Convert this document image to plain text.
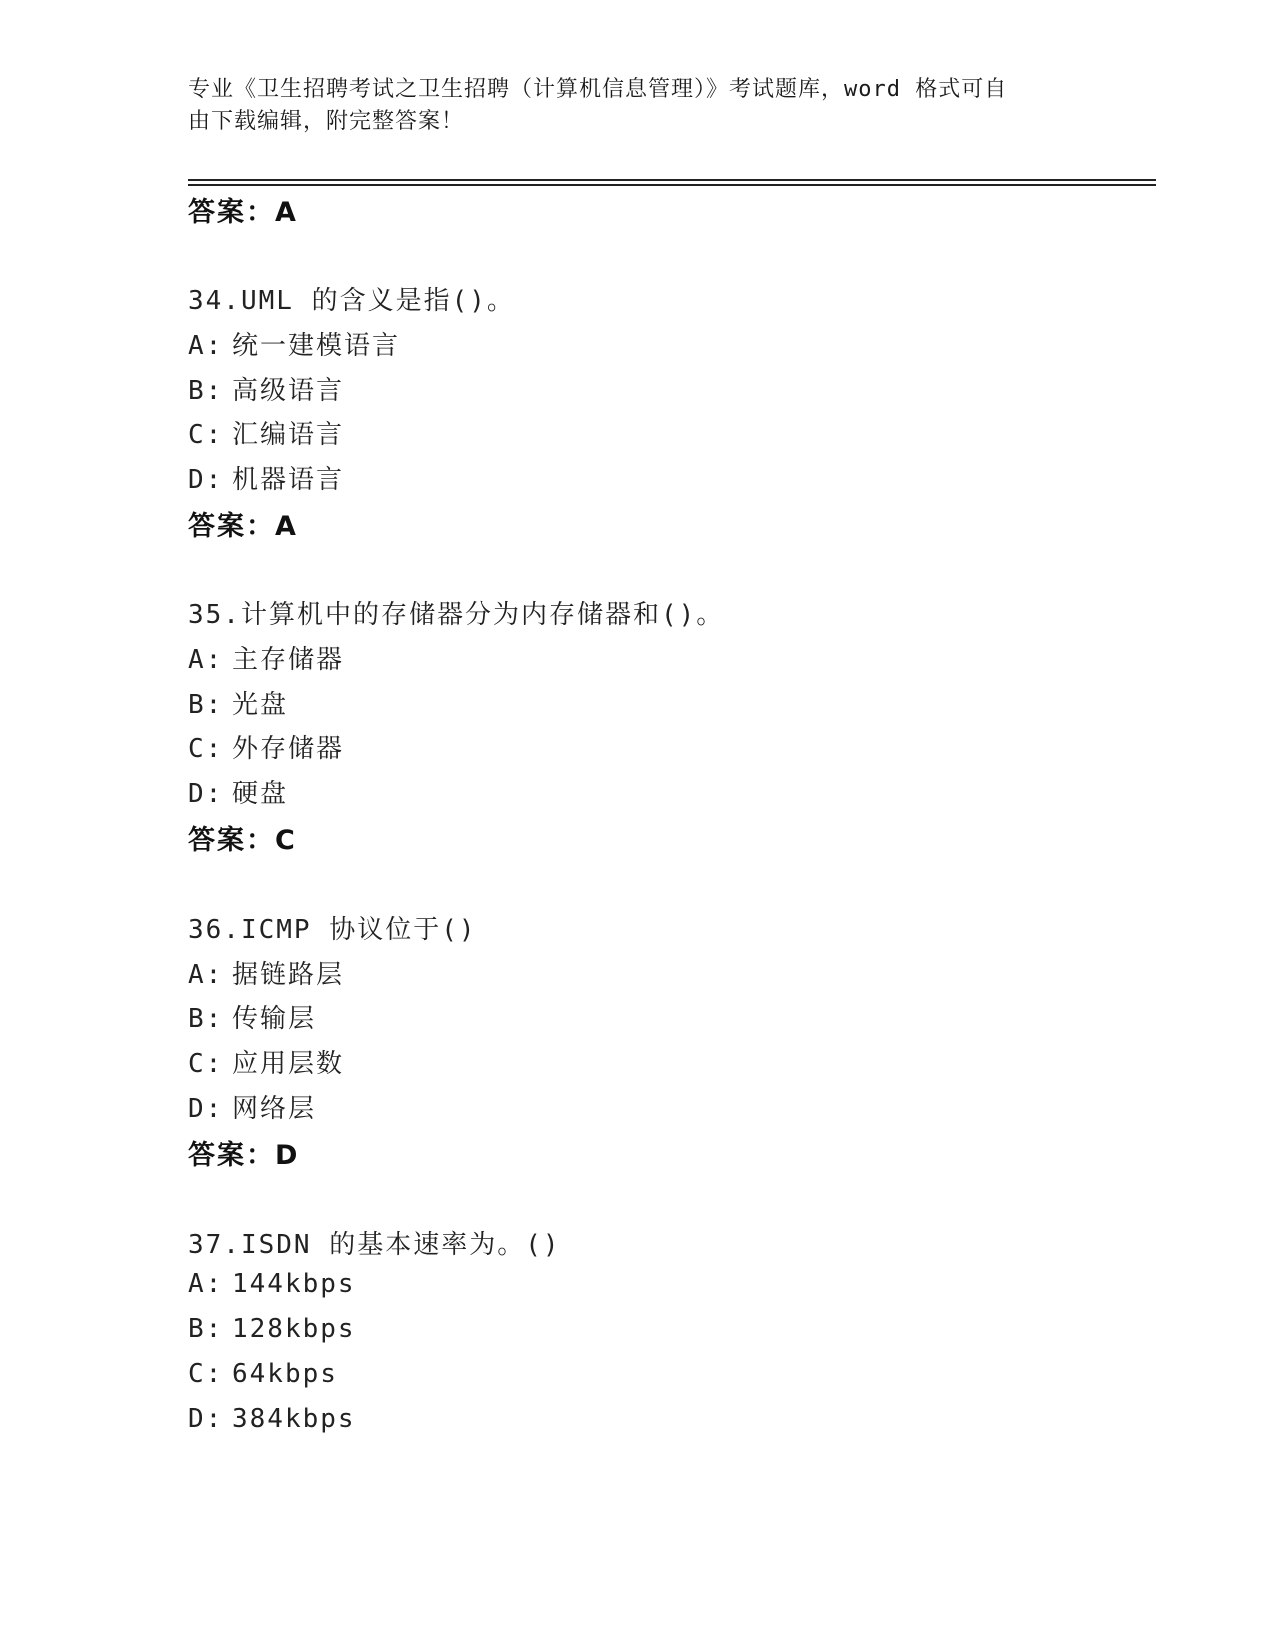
专业《卫生招聘考试之卫生招聘（计算机信息管理）》考试题库，word 格式可自
由下载编辑，附完整答案！
答案：A
34.UML 的含义是指()。
A: 统一建模语言
B: 高级语言
C: 汇编语言
D: 机器语言
答案：A
35.计算机中的存储器分为内存储器和()。
A: 主存储器
B: 光盘
C: 外存储器
D: 硬盘
答案：C
36.ICMP 协议位于()
A: 据链路层
B: 传输层
C: 应用层数
D: 网络层
答案：D
37.ISDN 的基本速率为。()
A: 144kbps
B: 128kbps
C: 64kbps
D: 384kbps
